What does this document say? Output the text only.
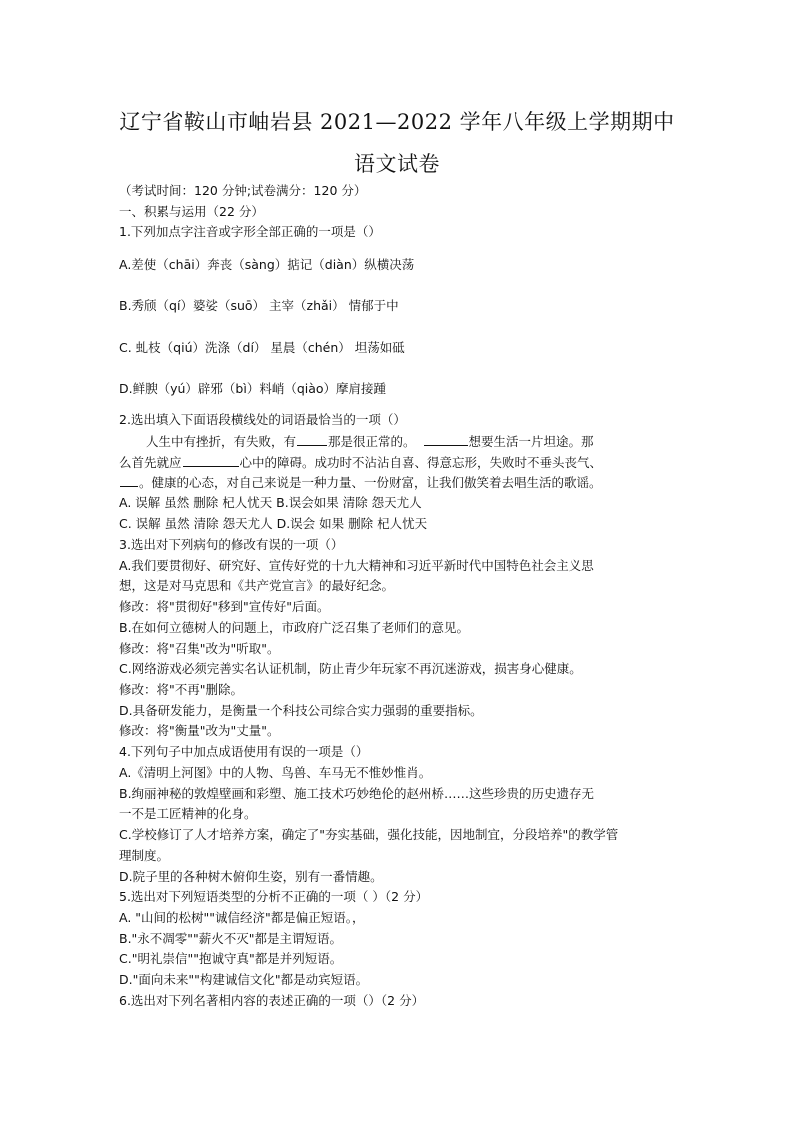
辽宁省鞍山市岫岩县 2021—2022 学年八年级上学期期中
语文试卷
（考试时间：120 分钟;试卷满分：120 分）
一、积累与运用（22 分）
1.下列加点字注音或字形全部正确的一项是（）
A.差使（chāi）奔丧（sàng）掂记（diàn）纵横决荡
B.秀颀（qí）婆娑（suō） 主宰（zhǎi） 情郁于中
C. 虬枝（qiú）洗涤（dí） 星晨（chén） 坦荡如砥
D.鲜腴（yú）辟邪（bì）料峭（qiào）摩肩接踵
2.选出填入下面语段横线处的词语最恰当的一项（）
人生中有挫折，有失败，有	那是很正常的。	想要生活一片坦途。那
么首先就应	心中的障碍。成功时不沾沾自喜、得意忘形，失败时不垂头丧气、
。健康的心态，对自己来说是一种力量、一份财富，让我们傲笑着去唱生活的歌谣。
A. 误解 虽然 删除 杞人忧天 B.误会如果 清除 怨天尤人
C. 误解 虽然 清除 怨天尤人 D.误会 如果 删除 杞人忧天
3.选出对下列病句的修改有误的一项（）
A.我们要贯彻好、研究好、宣传好党的十九大精神和习近平新时代中国特色社会主义思
想，这是对马克思和《共产党宣言》的最好纪念。
修改：将"贯彻好"移到"宣传好"后面。
B.在如何立德树人的问题上，市政府广泛召集了老师们的意见。
修改：将"召集"改为"听取"。
C.网络游戏必须完善实名认证机制，防止青少年玩家不再沉迷游戏，损害身心健康。
修改：将"不再"删除。
D.具备研发能力，是衡量一个科技公司综合实力强弱的重要指标。
修改：将"衡量"改为"丈量"。
4.下列句子中加点成语使用有误的一项是（）
A.《清明上河图》中的人物、鸟兽、车马无不惟妙惟肖。
B.绚丽神秘的敦煌壁画和彩塑、施工技术巧妙绝伦的赵州桥……这些珍贵的历史遗存无
一不是工匠精神的化身。
C.学校修订了人才培养方案，确定了"夯实基础，强化技能，因地制宜，分段培养"的教学管
理制度。
D.院子里的各种树木俯仰生姿，别有一番情趣。
5.选出对下列短语类型的分析不正确的一项（ ）（2 分）
A. "山间的松树""诚信经济"都是偏正短语。，
B."永不凋零""薪火不灭"都是主谓短语。
C."明礼崇信""抱诚守真"都是并列短语。
D."面向未来""构建诚信文化"都是动宾短语。
6.选出对下列名著相内容的表述正确的一项（）（2 分）
